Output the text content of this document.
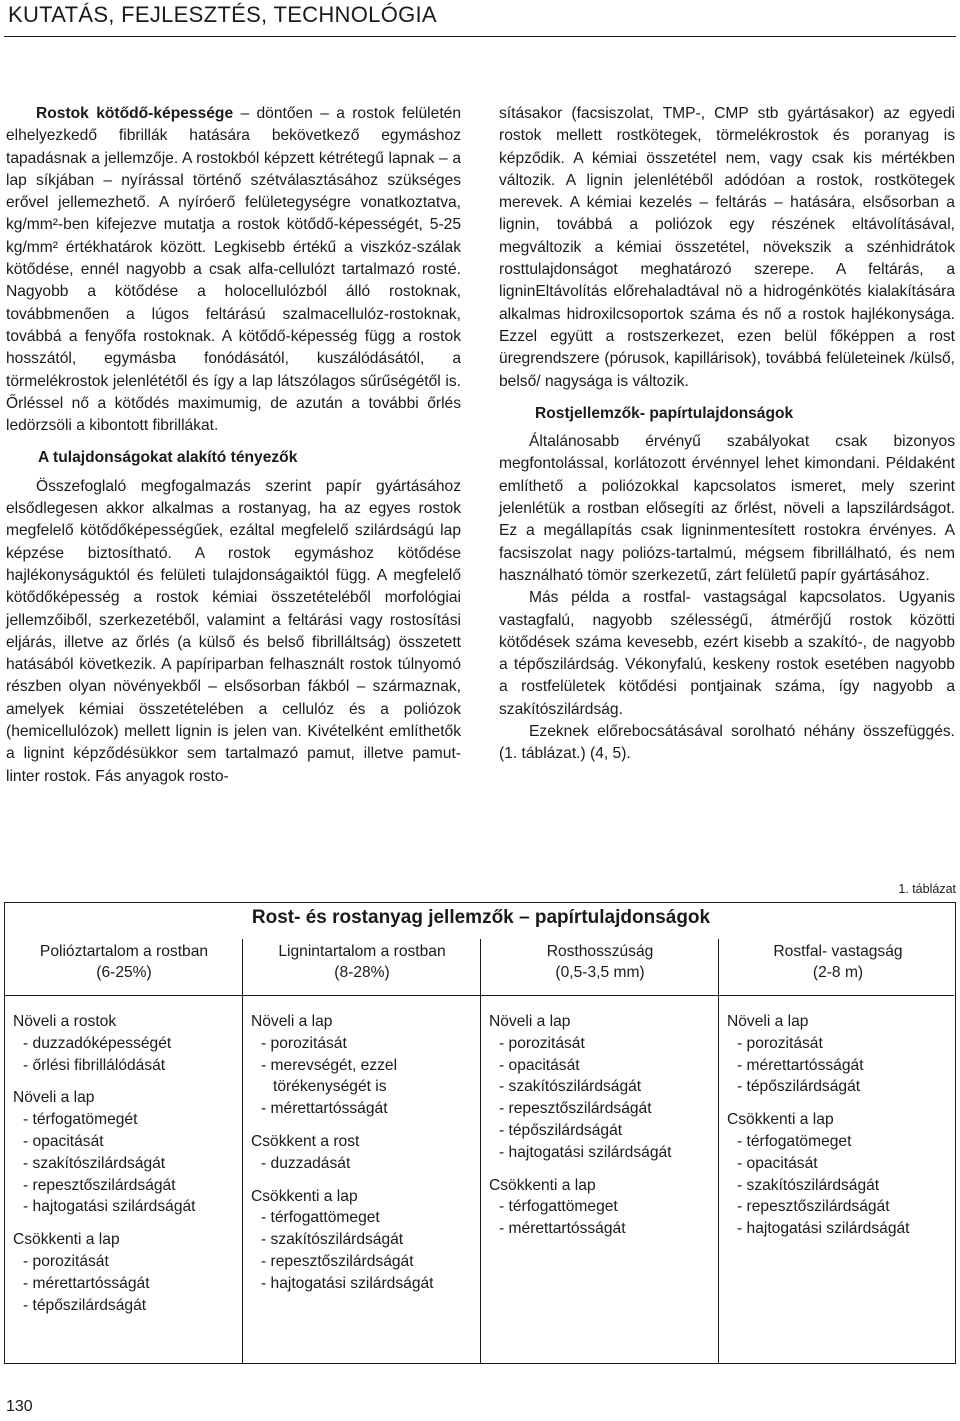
KUTATÁS, FEJLESZTÉS, TECHNOLÓGIA

Rostok kötődő-képessége – döntően – a rostok felületén elhelyezkedő fibrillák hatására bekövetkező egymáshoz tapadásnak a jellemzője. A rostokból képzett kétrétegű lapnak – a lap síkjában – nyírással történő szétválasztásához szükséges erővel jellemezhető. A nyíróerő felületegységre vonatkoztatva, kg/mm²-ben kifejezve mutatja a rostok kötődő-képességét, 5-25 kg/mm² értékhatárok között. Legkisebb értékű a viszkóz-szálak kötődése, ennél nagyobb a csak alfa-cellulózt tartalmazó rosté. Nagyobb a kötődése a holocellulózból álló rostoknak, továbbmenően a lúgos feltárású szalmacellulóz-rostoknak, továbbá a fenyőfa rostoknak. A kötődő-képesség függ a rostok hosszától, egymásba fonódásától, kuszálódásától, a törmelékrostok jelenlététől és így a lap látszólagos sűrűségétől is. Őrléssel nő a kötődés maximumig, de azután a további őrlés ledörzsöli a kibontott fibrillákat.

A tulajdonságokat alakító tényezők

Összefoglaló megfogalmazás szerint papír gyártásához elsődlegesen akkor alkalmas a rostanyag, ha az egyes rostok megfelelő kötődőképességűek, ezáltal megfelelő szilárdságú lap képzése biztosítható. A rostok egymáshoz kötődése hajlékonyságuktól és felületi tulajdonságaiktól függ. A megfelelő kötődőképesség a rostok kémiai összetételéből morfológiai jellemzőiből, szerkezetéből, valamint a feltárási vagy rostosítási eljárás, illetve az őrlés (a külső és belső fibrilláltság) összetett hatásából következik. A papíriparban felhasznált rostok túlnyomó részben olyan növényekből – elsősorban fákból – származnak, amelyek kémiai összetételében a cellulóz és a poliózok (hemicellulózok) mellett lignin is jelen van. Kivételként említhetők a lignint képződésükkor sem tartalmazó pamut, illetve pamut-linter rostok. Fás anyagok rosto-

sításakor (facsiszolat, TMP-, CMP stb gyártásakor) az egyedi rostok mellett rostkötegek, törmelékrostok és poranyag is képződik. A kémiai összetétel nem, vagy csak kis mértékben változik. A lignin jelenlétéből adódóan a rostok, rostkötegek merevek. A kémiai kezelés – feltárás – hatására, elsősorban a lignin, továbbá a poliózok egy részének eltávolításával, megváltozik a kémiai összetétel, növekszik a szénhidrátok rosttulajdonságot meghatározó szerepe. A feltárás, a ligninEltávolítás előrehaladtával nö a hidrogénkötés kialakítására alkalmas hidroxilcsoportok száma és nő a rostok hajlékonysága. Ezzel együtt a rostszerkezet, ezen belül főképpen a rost üregrendszere (pórusok, kapillárisok), továbbá felületeinek /külső, belső/ nagysága is változik.

Rostjellemzők- papírtulajdonságok

Általánosabb érvényű szabályokat csak bizonyos megfontolással, korlátozott érvénnyel lehet kimondani. Példaként említhető a poliózokkal kapcsolatos ismeret, mely szerint jelenlétük a rostban elősegíti az őrlést, növeli a lapszilárdságot. Ez a megállapítás csak ligninmentesített rostokra érvényes. A facsiszolat nagy poliózs-tartalmú, mégsem fibrillálható, és nem használható tömör szerkezetű, zárt felületű papír gyártásához.

Más példa a rostfal- vastagságal kapcsolatos. Ugyanis vastagfalú, nagyobb szélességű, átmérőjű rostok közötti kötődések száma kevesebb, ezért kisebb a szakító-, de nagyobb a tépőszilárdság. Vékonyfalú, keskeny rostok esetében nagyobb a rostfelületek kötődési pontjainak száma, így nagyobb a szakítószilárdság.

Ezeknek előrebocsátásával sorolható néhány összefüggés. (1. táblázat.) (4, 5).

1. táblázat
Rost- és rostanyag jellemzők – papírtulajdonságok
Polióztartalom a rostban
(6-25%)
Lignintartalom a rostban
(8-28%)
Rosthosszúság
(0,5-3,5 mm)
Rostfal- vastagság
(2-8 m)
Növeli a rostok
- duzzadóképességét
- őrlési fibrillálódását
Növeli a lap
- térfogatömegét
- opacitását
- szakítószilárdságát
- repesztőszilárdságát
- hajtogatási szilárdságát
Csökkenti a lap
- porozitását
- mérettartósságát
- tépőszilárdságát
Növeli a lap
- porozitását
- merevségét, ezzel
törékenységét is
- mérettartósságát
Csökkent a rost
- duzzadását
Csökkenti a lap
- térfogattömeget
- szakítószilárdságát
- repesztőszilárdságát
- hajtogatási szilárdságát
Növeli a lap
- porozitását
- opacitását
- szakítószilárdságát
- repesztőszilárdságát
- tépőszilárdságát
- hajtogatási szilárdságát
Csökkenti a lap
- térfogattömeget
- mérettartósságát
Növeli a lap
- porozitását
- mérettartósságát
- tépőszilárdságát
Csökkenti a lap
- térfogatömeget
- opacitását
- szakítószilárdságát
- repesztőszilárdságát
- hajtogatási szilárdságát
130
